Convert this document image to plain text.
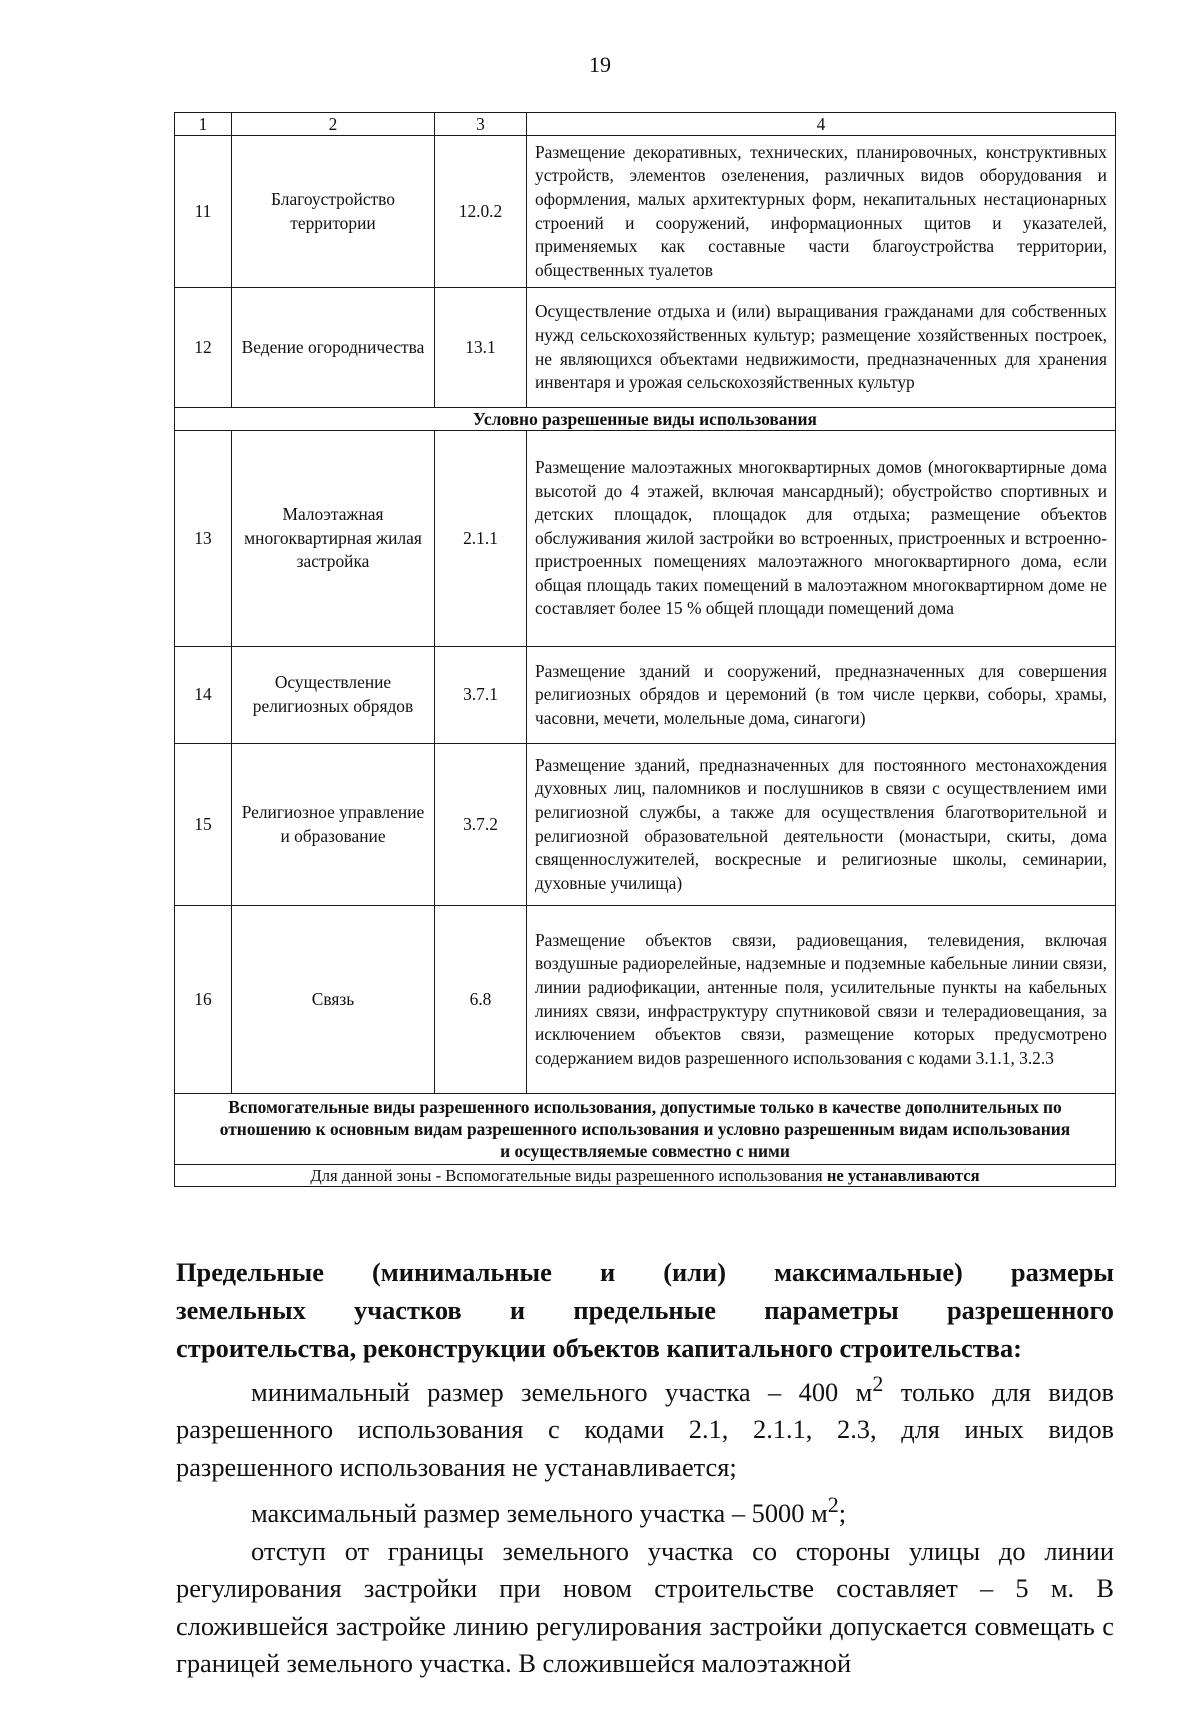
19
1	2	3	4
11	Благоустройство территории	12.0.2	Размещение декоративных, технических, планировочных, конструктивных устройств, элементов озеленения, различных видов оборудования и оформления, малых архитектурных форм, некапитальных нестационарных строений и сооружений, информационных щитов и указателей, применяемых как составные части благоустройства территории, общественных туалетов
12	Ведение огородничества	13.1	Осуществление отдыха и (или) выращивания гражданами для собственных нужд сельскохозяйственных культур; размещение хозяйственных построек, не являющихся объектами недвижимости, предназначенных для хранения инвентаря и урожая сельскохозяйственных культур
Условно разрешенные виды использования			
13	Малоэтажная многоквартирная жилая застройка	2.1.1	Размещение малоэтажных многоквартирных домов (многоквартирные дома высотой до 4 этажей, включая мансардный); обустройство спортивных и детских площадок, площадок для отдыха; размещение объектов обслуживания жилой застройки во встроенных, пристроенных и встроенно-пристроенных помещениях малоэтажного многоквартирного дома, если общая площадь таких помещений в малоэтажном многоквартирном доме не составляет более 15 % общей площади помещений дома
14	Осуществление религиозных обрядов	3.7.1	Размещение зданий и сооружений, предназначенных для совершения религиозных обрядов и церемоний (в том числе церкви, соборы, храмы, часовни, мечети, молельные дома, синагоги)
15	Религиозное управление и образование	3.7.2	Размещение зданий, предназначенных для постоянного местонахождения духовных лиц, паломников и послушников в связи с осуществлением ими религиозной службы, а также для осуществления благотворительной и религиозной образовательной деятельности (монастыри, скиты, дома священнослужителей, воскресные и религиозные школы, семинарии, духовные училища)
16	Связь	6.8	Размещение объектов связи, радиовещания, телевидения, включая воздушные радиорелейные, надземные и подземные кабельные линии связи, линии радиофикации, антенные поля, усилительные пункты на кабельных линиях связи, инфраструктуру спутниковой связи и телерадиовещания, за исключением объектов связи, размещение которых предусмотрено содержанием видов разрешенного использования с кодами 3.1.1, 3.2.3
Вспомогательные виды разрешенного использования, допустимые только в качестве дополнительных по отношению к основным видам разрешенного использования и условно разрешенным видам использования и осуществляемые совместно с ними			
Для данной зоны - Вспомогательные виды разрешенного использования не устанавливаются			
Предельные (минимальные и (или) максимальные) размеры
земельных участков и предельные параметры разрешенного
строительства, реконструкции объектов капитального строительства:

минимальный размер земельного участка – 400 $м^2$ только для видов разрешенного использования с кодами 2.1, 2.1.1, 2.3, для иных видов разрешенного использования не устанавливается;

максимальный размер земельного участка – 5000 $м^2$;

отступ от границы земельного участка со стороны улицы до линии регулирования застройки при новом строительстве составляет – 5 м. В сложившейся застройке линию регулирования застройки допускается совмещать с границей земельного участка. В сложившейся малоэтажной
